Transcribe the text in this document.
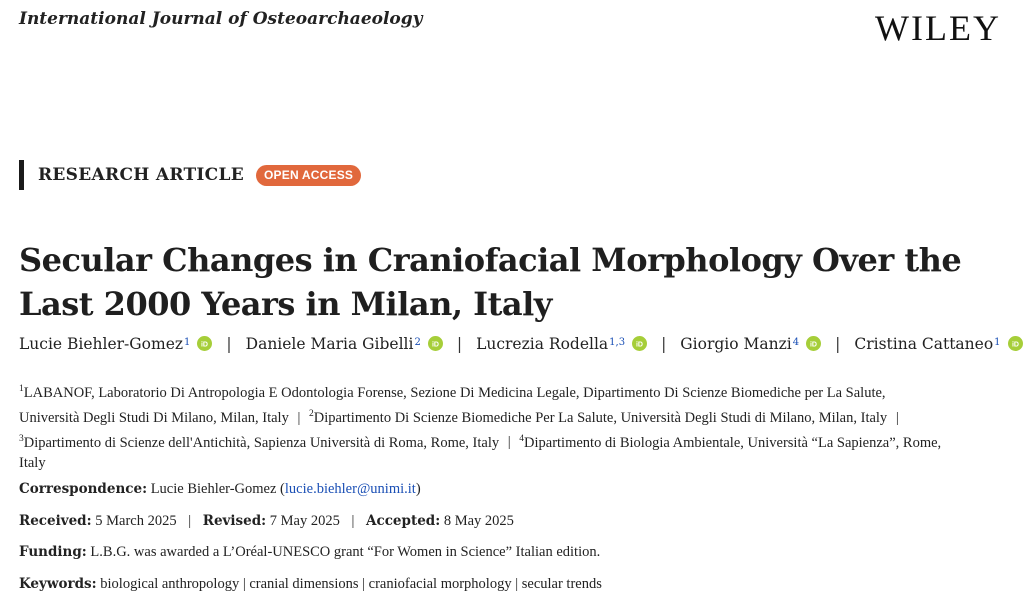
International Journal of Osteoarchaeology	WILEY
RESEARCH ARTICLE	OPEN ACCESS
Secular Changes in Craniofacial Morphology Over the Last 2000 Years in Milan, Italy
Lucie Biehler-Gomez$^1$ iD | Daniele Maria Gibelli$^2$ iD | Lucrezia Rodella$^{1,3}$ iD | Giorgio Manzi$^4$ iD | Cristina Cattaneo$^1$ iD
$^1$LABANOF, Laboratorio Di Antropologia E Odontologia Forense, Sezione Di Medicina Legale, Dipartimento Di Scienze Biomediche per La Salute, Università Degli Studi Di Milano, Milan, Italy | $^2$Dipartimento Di Scienze Biomediche Per La Salute, Università Degli Studi di Milano, Milan, Italy | $^3$Dipartimento di Scienze dell'Antichità, Sapienza Università di Roma, Rome, Italy | $^4$Dipartimento di Biologia Ambientale, Università “La Sapienza”, Rome, Italy
Correspondence: Lucie Biehler-Gomez (lucie.biehler@unimi.it)
Received: 5 March 2025 | Revised: 7 May 2025 | Accepted: 8 May 2025
Funding: L.B.G. was awarded a L’Oréal-UNESCO grant “For Women in Science” Italian edition.
Keywords: biological anthropology | cranial dimensions | craniofacial morphology | secular trends
